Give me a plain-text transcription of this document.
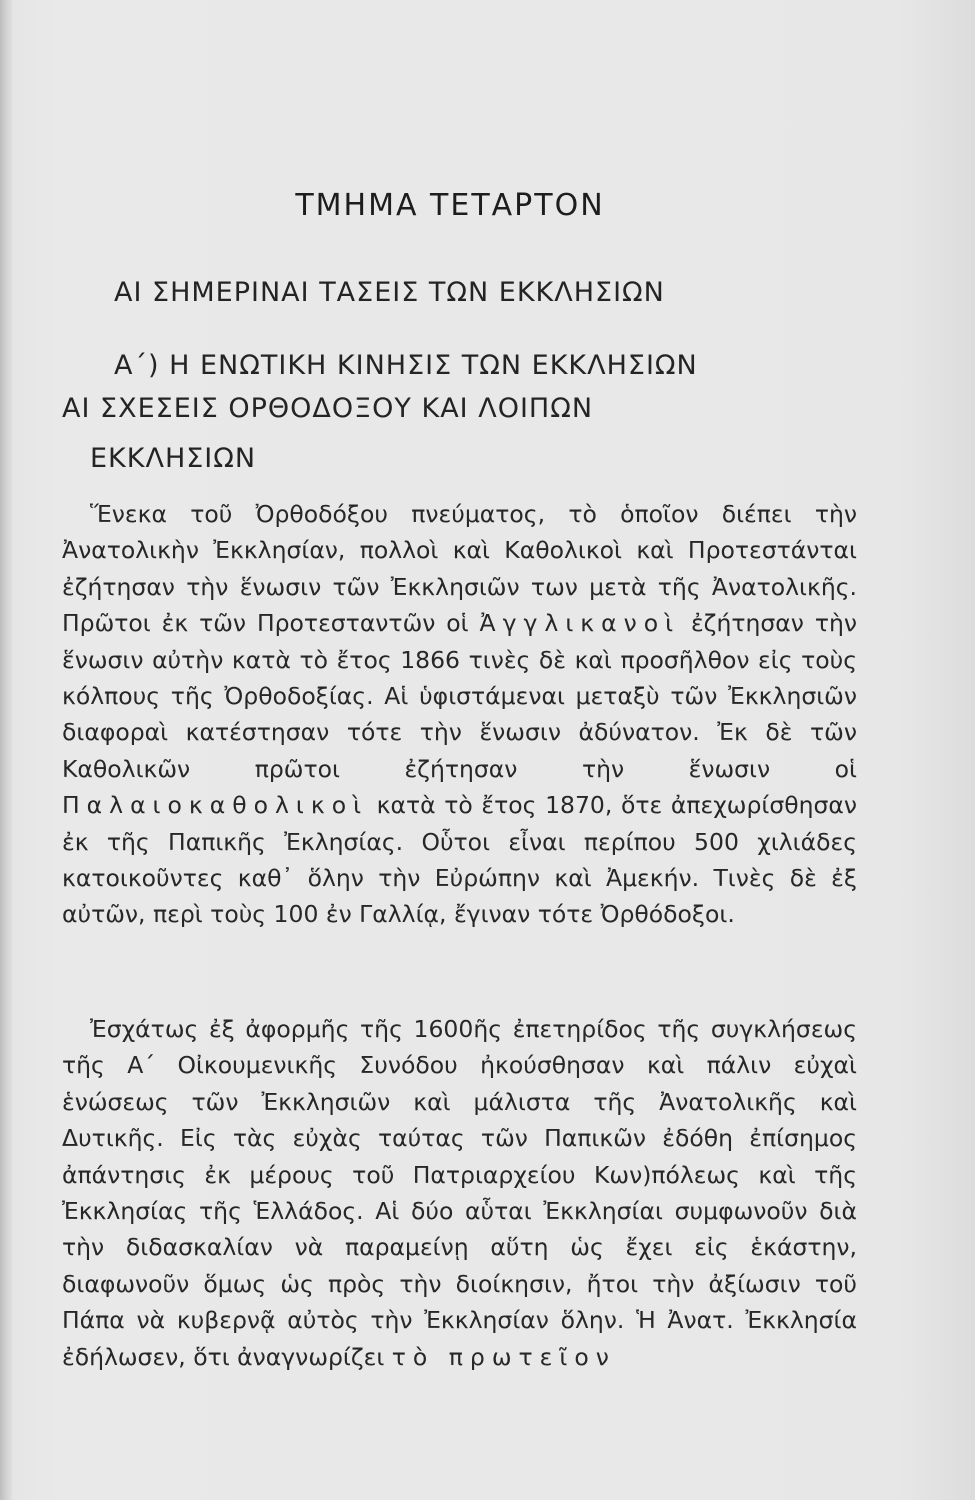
ΤΜΗΜΑ ΤΕΤΑΡΤΟΝ
ΑΙ ΣΗΜΕΡΙΝΑΙ ΤΑΣΕΙΣ ΤΩΝ ΕΚΚΛΗΣΙΩΝ
Α΄) Η ΕΝΩΤΙΚΗ ΚΙΝΗΣΙΣ ΤΩΝ ΕΚΚΛΗΣΙΩΝ
ΑΙ ΣΧΕΣΕΙΣ ΟΡΘΟΔΟΞΟΥ ΚΑΙ ΛΟΙΠΩΝ
ΕΚΚΛΗΣΙΩΝ

Ἕνεκα τοῦ Ὀρθοδόξου πνεύματος, τὸ ὁποῖον διέπει τὴν Ἀνατολικὴν Ἐκκλησίαν, πολλοὶ καὶ Καθολικοὶ καὶ Προτεστάνται ἐζήτησαν τὴν ἕνωσιν τῶν Ἐκκλησιῶν των μετὰ τῆς Ἀνατολικῆς. Πρῶτοι ἐκ τῶν Προτεσταντῶν οἱ Ἀγγλικανοὶ ἐζήτησαν τὴν ἕνωσιν αὐτὴν κατὰ τὸ ἔτος 1866 τινὲς δὲ καὶ προσῆλθον εἰς τοὺς κόλπους τῆς Ὀρθοδοξίας. Αἱ ὑφιστάμεναι μεταξὺ τῶν Ἐκκλησιῶν διαφοραὶ κατέστησαν τότε τὴν ἕνωσιν ἀδύνατον. Ἐκ δὲ τῶν Καθολικῶν πρῶτοι ἐζήτησαν τὴν ἕνωσιν οἱ Παλαιοκαθολικοὶ κατὰ τὸ ἔτος 1870, ὅτε ἀπεχωρίσθησαν ἐκ τῆς Παπικῆς Ἐκλησίας. Οὗτοι εἶναι περίπου 500 χιλιάδες κατοικοῦντες καθ᾿ ὅλην τὴν Εὐρώπην καὶ Ἀμεκήν. Τινὲς δὲ ἐξ αὐτῶν, περὶ τοὺς 100 ἐν Γαλλίᾳ, ἔγιναν τότε Ὀρθόδοξοι.

Ἐσχάτως ἐξ ἀφορμῆς τῆς 1600ῆς ἐπετηρίδος τῆς συγκλήσεως τῆς Α΄ Οἰκουμενικῆς Συνόδου ἠκούσθησαν καὶ πάλιν εὐχαὶ ἑνώσεως τῶν Ἐκκλησιῶν καὶ μάλιστα τῆς Ἀνατολικῆς καὶ Δυτικῆς. Εἰς τὰς εὐχὰς ταύτας τῶν Παπικῶν ἐδόθη ἐπίσημος ἀπάντησις ἐκ μέρους τοῦ Πατριαρχείου Κων)πόλεως καὶ τῆς Ἐκκλησίας τῆς Ἑλλάδος. Αἱ δύο αὗται Ἐκκλησίαι συμφωνοῦν διὰ τὴν διδασκαλίαν νὰ παραμείνῃ αὕτη ὡς ἔχει εἰς ἑκάστην, διαφωνοῦν ὅμως ὡς πρὸς τὴν διοίκησιν, ἤτοι τὴν ἀξίωσιν τοῦ Πάπα νὰ κυβερνᾷ αὐτὸς τὴν Ἐκκλησίαν ὅλην. Ἡ Ἀνατ. Ἐκκλησία ἐδήλωσεν, ὅτι ἀναγνωρίζει τὸ πρωτεῖον
